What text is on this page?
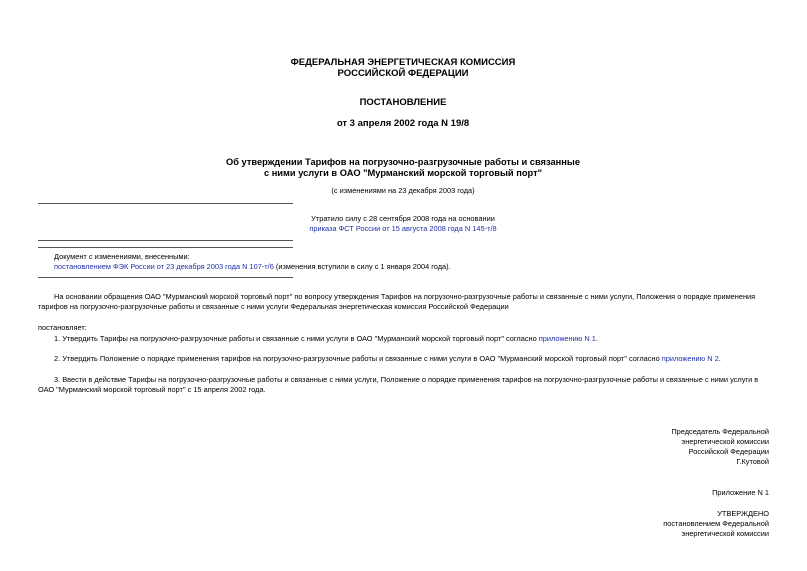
ФЕДЕРАЛЬНАЯ ЭНЕРГЕТИЧЕСКАЯ КОМИССИЯ
РОССИЙСКОЙ ФЕДЕРАЦИИ
ПОСТАНОВЛЕНИЕ
от 3 апреля 2002 года N 19/8
Об утверждении Тарифов на погрузочно-разгрузочные работы и связанные
с ними услуги в ОАО "Мурманский морской торговый порт"
(с изменениями на 23 декабря 2003 года)
Утратило силу с 28 сентября 2008 года на основании
приказа ФСТ России от 15 августа 2008 года N 145-т/8
Документ с изменениями, внесенными:
постановлением ФЭК России от 23 декабря 2003 года N 107-т/6 (изменения вступили в силу с 1 января 2004 года).
На основании обращения ОАО "Мурманский морской торговый порт" по вопросу утверждения Тарифов на погрузочно-разгрузочные работы и связанные с ними услуги, Положения о порядке применения тарифов на погрузочно-разгрузочные работы и связанные с ними услуги Федеральная энергетическая комиссия Российской Федерации
постановляет:
1. Утвердить Тарифы на погрузочно-разгрузочные работы и связанные с ними услуги в ОАО "Мурманский морской торговый порт" согласно приложению N 1.
2. Утвердить Положение о порядке применения тарифов на погрузочно-разгрузочные работы и связанные с ними услуги в ОАО "Мурманский морской торговый порт" согласно приложению N 2.
3. Ввести в действие Тарифы на погрузочно-разгрузочные работы и связанные с ними услуги, Положение о порядке применения тарифов на погрузочно-разгрузочные работы и связанные с ними услуги в ОАО "Мурманский морской торговый порт" с 15 апреля 2002 года.
Председатель Федеральной
энергетической комиссии
Российской Федерации
Г.Кутовой
Приложение N 1
УТВЕРЖДЕНО
постановлением Федеральной
энергетической комиссии
